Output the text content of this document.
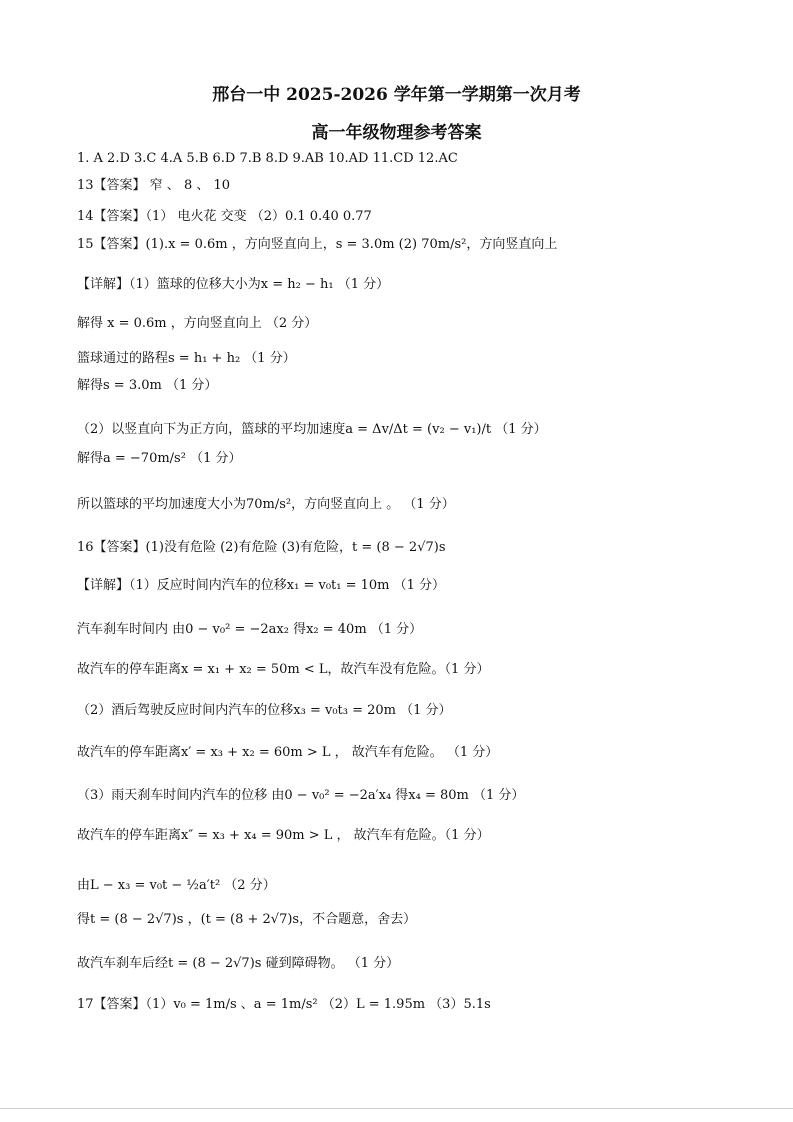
邢台一中 2025-2026 学年第一学期第一次月考
高一年级物理参考答案
1. A 2.D 3.C 4.A 5.B 6.D 7.B 8.D 9.AB 10.AD 11.CD 12.AC
13【答案】 窄 、 8 、 10
14【答案】（1） 电火花 交变 （2）0.1 0.40 0.77
15【答案】(1).x = 0.6m ，方向竖直向上，s = 3.0m (2) 70m/s²，方向竖直向上
【详解】（1）篮球的位移大小为x = h₂ − h₁ （1 分）
解得 x = 0.6m ，方向竖直向上 （2 分）
篮球通过的路程s = h₁ + h₂ （1 分）
解得s = 3.0m （1 分）
（2）以竖直向下为正方向，篮球的平均加速度a = Δv/Δt = (v₂ − v₁)/t （1 分）
解得a = −70m/s² （1 分）
所以篮球的平均加速度大小为70m/s²，方向竖直向上 。 （1 分）
16【答案】(1)没有危险 (2)有危险 (3)有危险，t = (8 − 2√7)s
【详解】（1）反应时间内汽车的位移x₁ = v₀t₁ = 10m （1 分）
汽车刹车时间内 由0 − v₀² = −2ax₂ 得x₂ = 40m （1 分）
故汽车的停车距离x = x₁ + x₂ = 50m < L，故汽车没有危险。（1 分）
（2）酒后驾驶反应时间内汽车的位移x₃ = v₀t₃ = 20m （1 分）
故汽车的停车距离x′ = x₃ + x₂ = 60m > L ， 故汽车有危险。 （1 分）
（3）雨天刹车时间内汽车的位移 由0 − v₀² = −2a′x₄ 得x₄ = 80m （1 分）
故汽车的停车距离x″ = x₃ + x₄ = 90m > L ， 故汽车有危险。（1 分）
由L − x₃ = v₀t − ½a′t² （2 分）
得t = (8 − 2√7)s ，(t = (8 + 2√7)s，不合题意，舍去）
故汽车刹车后经t = (8 − 2√7)s 碰到障碍物。 （1 分）
17【答案】（1）v₀ = 1m/s 、a = 1m/s² （2）L = 1.95m （3）5.1s
